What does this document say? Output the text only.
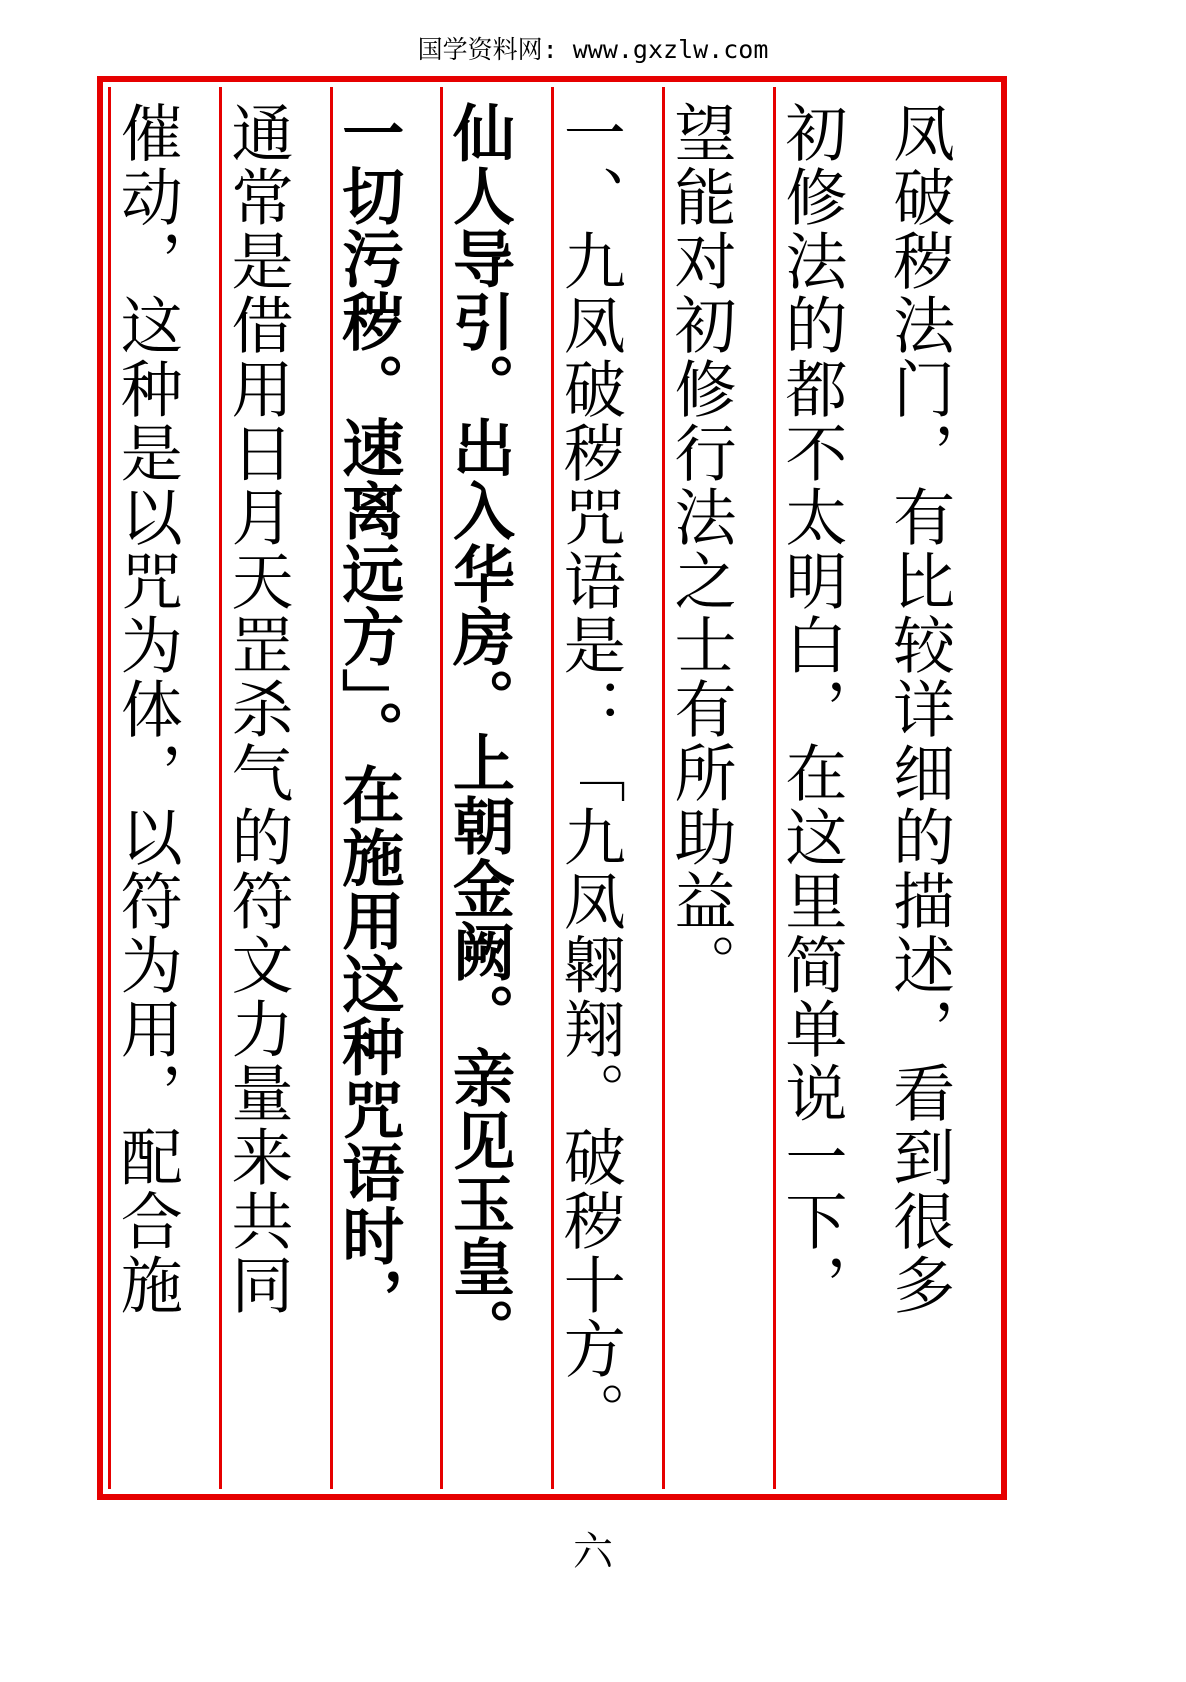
国学资料网: www.gxzlw.com
凤破秽法门，有比较详细的描述，看到很多
初修法的都不太明白，在这里简单说一下，
望能对初修行法之士有所助益。
一、九凤破秽咒语是：「九凤翺翔。破秽十方。
仙人导引。出入华房。上朝金阙。亲见玉皇。
一切污秽。速离远方」。在施用这种咒语时，
通常是借用日月天罡杀气的符文力量来共同
催动，这种是以咒为体，以符为用，配合施
六
